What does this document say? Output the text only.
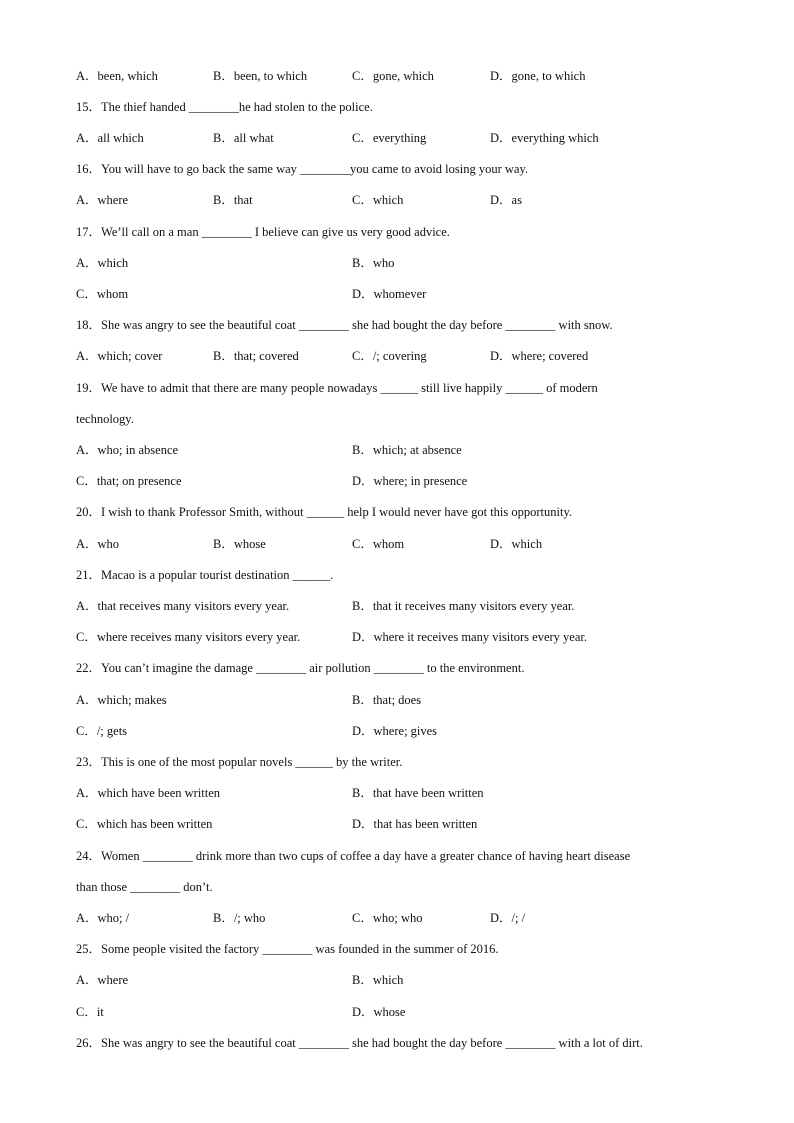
A．been, which	B．been, to which	C．gone, which	D．gone, to which
15．The thief handed ________he had stolen to the police.
A．all which	B．all what	C．everything	D．everything which
16．You will have to go back the same way ________you came to avoid losing your way.
A．where	B．that	C．which	D．as
17．We’ll call on a man ________ I believe can give us very good advice.
A．which	B．who
C．whom	D．whomever
18．She was angry to see the beautiful coat ________ she had bought the day before ________ with snow.
A．which; cover	B．that; covered	C．/; covering	D．where; covered
19．We have to admit that there are many people nowadays ______ still live happily ______ of modern
technology.
A．who; in absence	B．which; at absence
C．that; on presence	D．where; in presence
20．I wish to thank Professor Smith, without ______ help I would never have got this opportunity.
A．who	B．whose	C．whom	D．which
21．Macao is a popular tourist destination ______.
A．that receives many visitors every year.	B．that it receives many visitors every year.
C．where receives many visitors every year.	D．where it receives many visitors every year.
22．You can’t imagine the damage ________ air pollution ________ to the environment.
A．which; makes	B．that; does
C．/; gets	D．where; gives
23．This is one of the most popular novels ______ by the writer.
A．which have been written	B．that have been written
C．which has been written	D．that has been written
24．Women ________ drink more than two cups of coffee a day have a greater chance of having heart disease
than those ________ don’t.
A．who; /	B．/; who	C．who; who	D．/; /
25．Some people visited the factory ________ was founded in the summer of 2016.
A．where	B．which
C．it	D．whose
26．She was angry to see the beautiful coat ________ she had bought the day before ________ with a lot of dirt.
